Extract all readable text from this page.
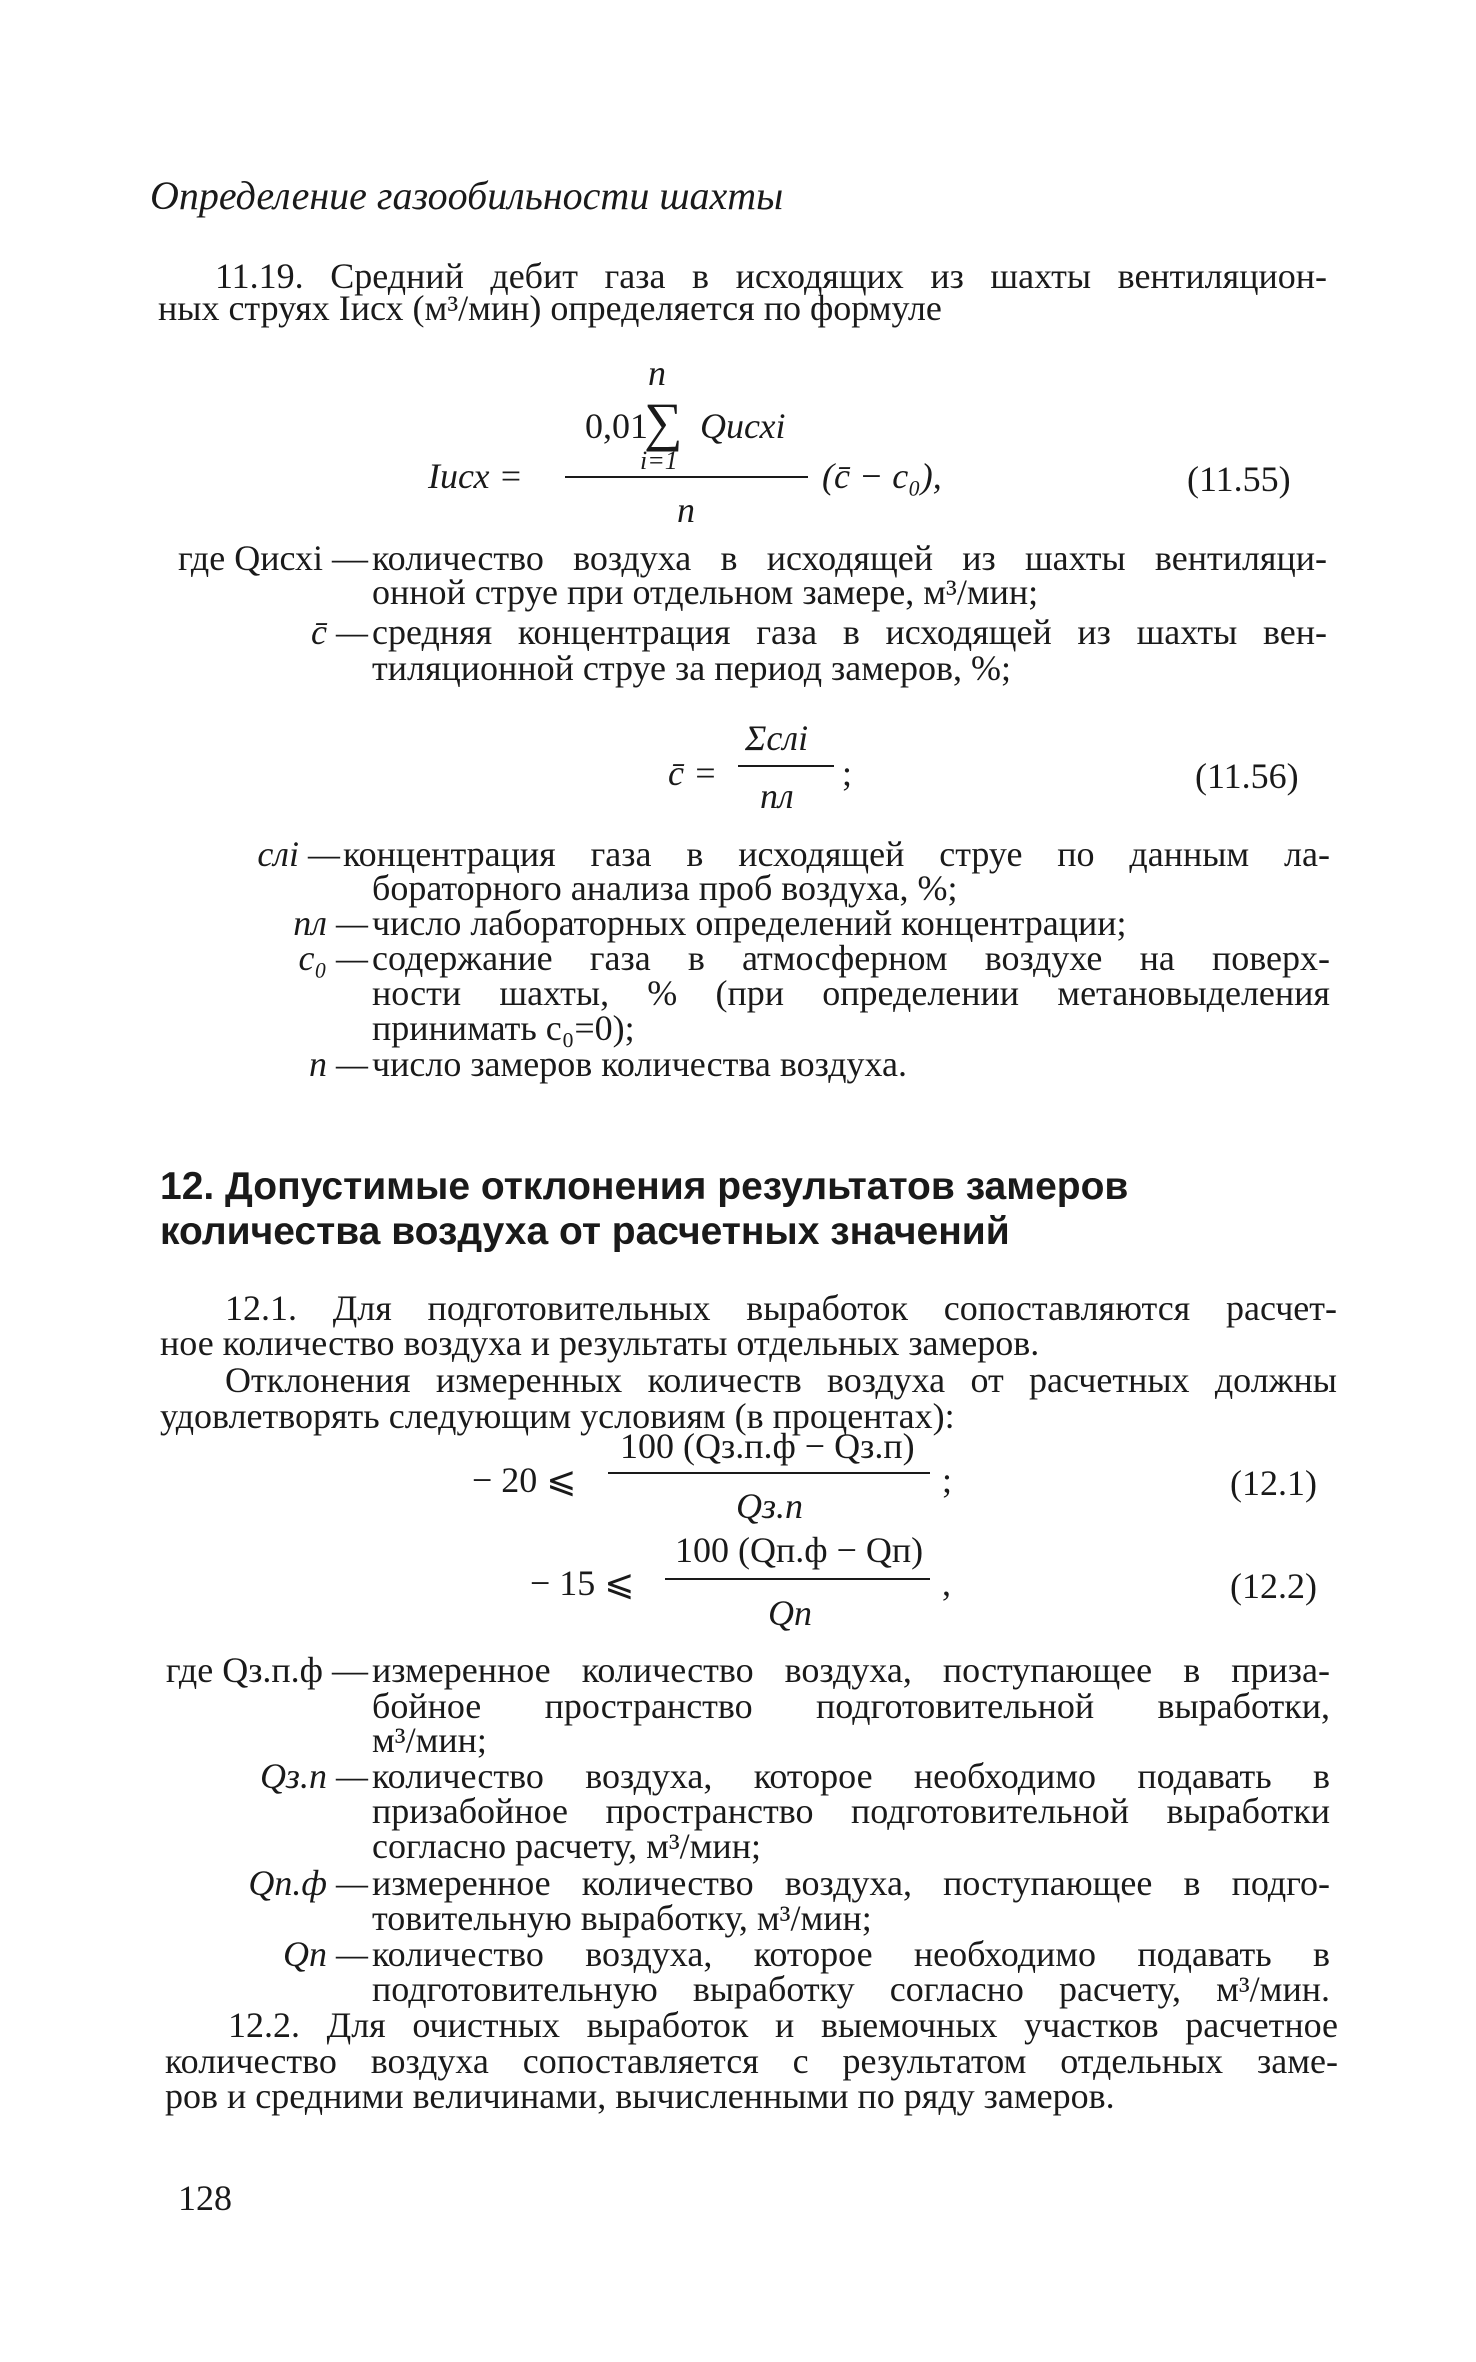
Определение газообильности шахты
11.19. Средний дебит газа в исходящих из шахты вентиляцион-
ных струях Iисх (м³/мин) определяется по формуле
n
0,01
∑ Qисхi
i=1
Iисх =
n
(c̄ − c₀),	(11.55)
где Qисхi — количество воздуха в исходящей из шахты вентиляци-
онной струе при отдельном замере, м³/мин;
c̄ — средняя концентрация газа в исходящей из шахты вен-
тиляционной струе за период замеров, %;
c̄ =
Σcлi
nл
;	(11.56)
cлi — концентрация газа в исходящей струе по данным ла-
бораторного анализа проб воздуха, %;
nл — число лабораторных определений концентрации;
c₀ — содержание газа в атмосферном воздухе на поверх-
ности шахты, % (при определении метановыделения
принимать c₀=0);
n — число замеров количества воздуха.
12. Допустимые отклонения результатов замеров
количества воздуха от расчетных значений
12.1. Для подготовительных выработок сопоставляются расчет-
ное количество воздуха и результаты отдельных замеров.
Отклонения измеренных количеств воздуха от расчетных должны
удовлетворять следующим условиям (в процентах):
− 20 ⩽
100 (Qз.п.ф − Qз.п)
Qз.п
;	(12.1)
− 15 ⩽
100 (Qп.ф − Qп)
Qп
,	(12.2)
где Qз.п.ф — измеренное количество воздуха, поступающее в приза-
бойное пространство подготовительной выработки,
м³/мин;
Qз.п — количество воздуха, которое необходимо подавать в
призабойное пространство подготовительной выработки
согласно расчету, м³/мин;
Qп.ф — измеренное количество воздуха, поступающее в подго-
товительную выработку, м³/мин;
Qп — количество воздуха, которое необходимо подавать в
подготовительную выработку согласно расчету, м³/мин.
12.2. Для очистных выработок и выемочных участков расчетное
количество воздуха сопоставляется с результатом отдельных заме-
ров и средними величинами, вычисленными по ряду замеров.
128
